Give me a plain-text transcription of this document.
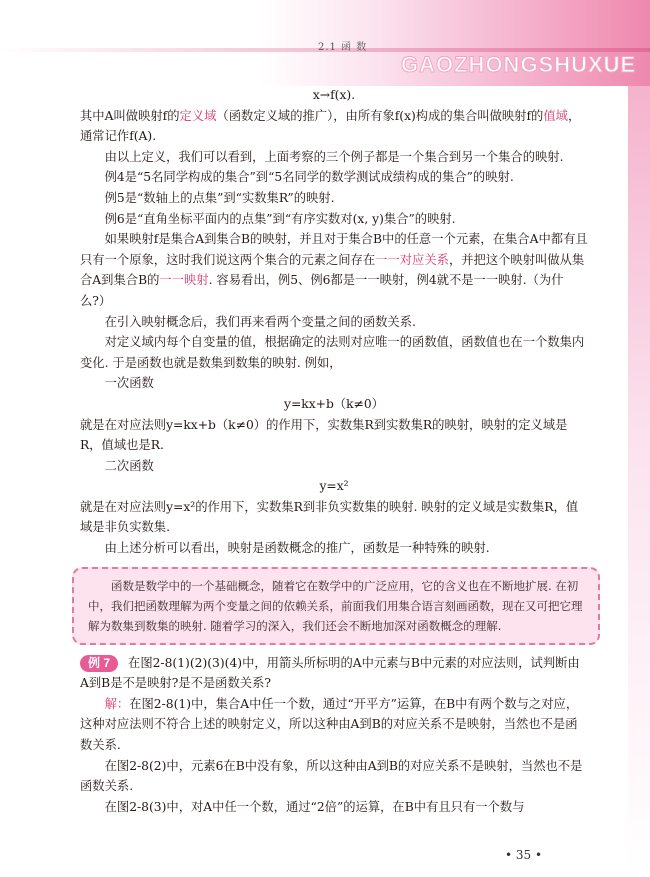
2.1 函 数
GAOZHONGSHUXUE

x→f(x).

其中A叫做映射f的定义域（函数定义域的推广），由所有象f(x)构成的集合叫做映射f的值域，通常记作f(A).

由以上定义，我们可以看到，上面考察的三个例子都是一个集合到另一个集合的映射.

例4是“5名同学构成的集合”到“5名同学的数学测试成绩构成的集合”的映射.

例5是“数轴上的点集”到“实数集R”的映射.

例6是“直角坐标平面内的点集”到“有序实数对(x, y)集合”的映射.

如果映射f是集合A到集合B的映射，并且对于集合B中的任意一个元素，在集合A中都有且只有一个原象，这时我们说这两个集合的元素之间存在一一对应关系，并把这个映射叫做从集合A到集合B的一一映射. 容易看出，例5、例6都是一一映射，例4就不是一一映射.（为什么?）

在引入映射概念后，我们再来看两个变量之间的函数关系.

对定义域内每个自变量的值，根据确定的法则对应唯一的函数值，函数值也在一个数集内变化. 于是函数也就是数集到数集的映射. 例如，

一次函数

y=kx+b（k≠0）

就是在对应法则y=kx+b（k≠0）的作用下，实数集R到实数集R的映射，映射的定义域是R，值域也是R.

二次函数

y=x²

就是在对应法则y=x²的作用下，实数集R到非负实数集的映射. 映射的定义域是实数集R，值域是非负实数集.

由上述分析可以看出，映射是函数概念的推广，函数是一种特殊的映射.

函数是数学中的一个基础概念，随着它在数学中的广泛应用，它的含义也在不断地扩展. 在初中，我们把函数理解为两个变量之间的依赖关系，前面我们用集合语言刻画函数，现在又可把它理解为数集到数集的映射. 随着学习的深入，我们还会不断地加深对函数概念的理解.

例 7 在图2-8(1)(2)(3)(4)中，用箭头所标明的A中元素与B中元素的对应法则，试判断由A到B是不是映射?是不是函数关系?

解：在图2-8(1)中，集合A中任一个数，通过“开平方”运算，在B中有两个数与之对应，这种对应法则不符合上述的映射定义，所以这种由A到B的对应关系不是映射，当然也不是函数关系.

在图2-8(2)中，元素6在B中没有象，所以这种由A到B的对应关系不是映射，当然也不是函数关系.

在图2-8(3)中，对A中任一个数，通过“2倍”的运算，在B中有且只有一个数与

• 35 •
